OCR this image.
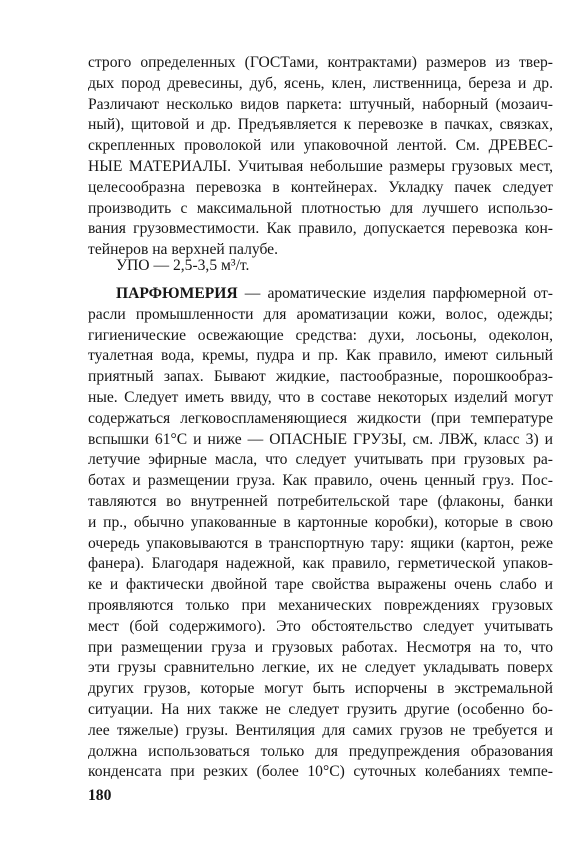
строго определенных (ГОСТами, контрактами) размеров из твер-
дых пород древесины, дуб, ясень, клен, лиственница, береза и др.
Различают несколько видов паркета: штучный, наборный (мозаич-
ный), щитовой и др. Предъявляется к перевозке в пачках, связках,
скрепленных проволокой или упаковочной лентой. См. ДРЕВЕС-
НЫЕ МАТЕРИАЛЫ. Учитывая небольшие размеры грузовых мест,
целесообразна перевозка в контейнерах. Укладку пачек следует
производить с максимальной плотностью для лучшего использо-
вания грузовместимости. Как правило, допускается перевозка кон-
тейнеров на верхней палубе.
УПО — 2,5-3,5 м³/т.
ПАРФЮМЕРИЯ — ароматические изделия парфюмерной от-
расли промышленности для ароматизации кожи, волос, одежды;
гигиенические освежающие средства: духи, лосьоны, одеколон,
туалетная вода, кремы, пудра и пр. Как правило, имеют сильный
приятный запах. Бывают жидкие, пастообразные, порошкообраз-
ные. Следует иметь ввиду, что в составе некоторых изделий могут
содержаться легковоспламеняющиеся жидкости (при температуре
вспышки 61°С и ниже — ОПАСНЫЕ ГРУЗЫ, см. ЛВЖ, класс 3) и
летучие эфирные масла, что следует учитывать при грузовых ра-
ботах и размещении груза. Как правило, очень ценный груз. Пос-
тавляются во внутренней потребительской таре (флаконы, банки
и пр., обычно упакованные в картонные коробки), которые в свою
очередь упаковываются в транспортную тару: ящики (картон, реже
фанера). Благодаря надежной, как правило, герметической упаков-
ке и фактически двойной таре свойства выражены очень слабо и
проявляются только при механических повреждениях грузовых
мест (бой содержимого). Это обстоятельство следует учитывать
при размещении груза и грузовых работах. Несмотря на то, что
эти грузы сравнительно легкие, их не следует укладывать поверх
других грузов, которые могут быть испорчены в экстремальной
ситуации. На них также не следует грузить другие (особенно бо-
лее тяжелые) грузы. Вентиляция для самих грузов не требуется и
должна использоваться только для предупреждения образования
конденсата при резких (более 10°С) суточных колебаниях темпе-
180
